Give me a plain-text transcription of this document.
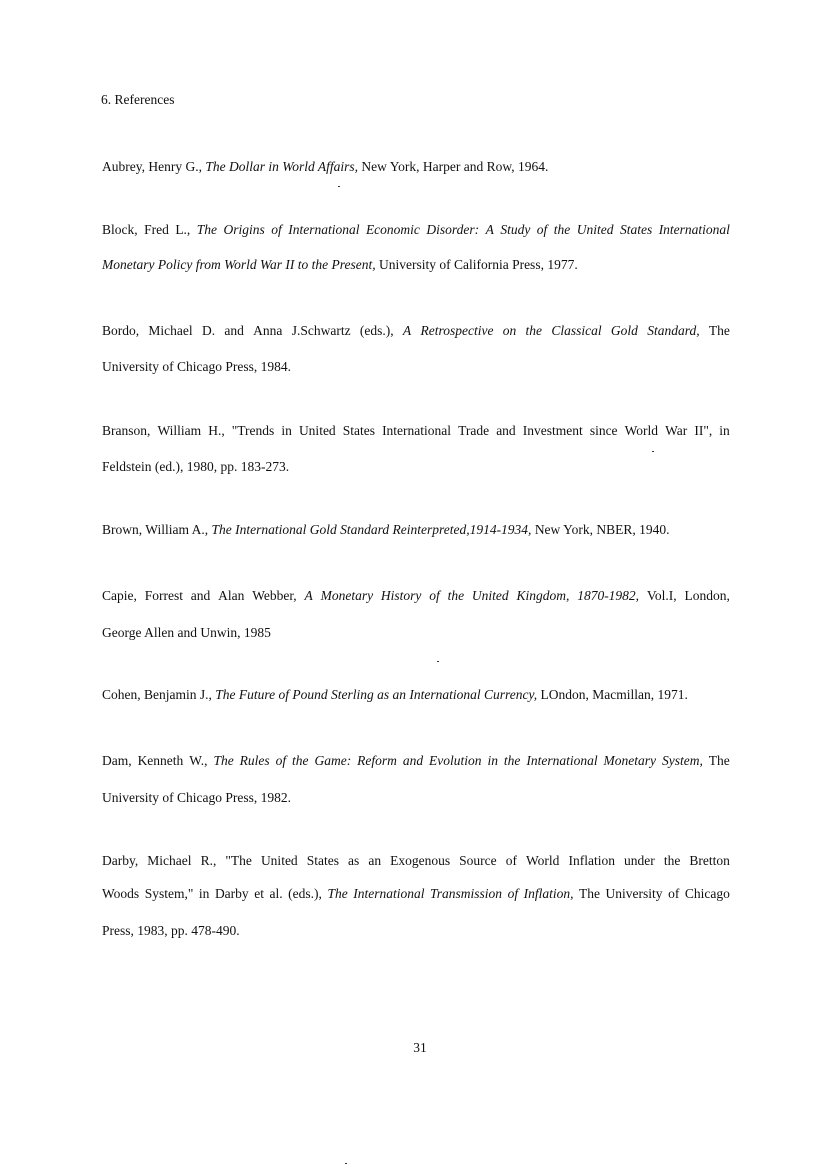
6. References
Aubrey, Henry G., The Dollar in World Affairs, New York, Harper and Row, 1964.
Block, Fred L., The Origins of International Economic Disorder: A Study of the United States International
Monetary Policy from World War II to the Present, University of California Press, 1977.
Bordo, Michael D. and Anna J.Schwartz (eds.), A Retrospective on the Classical Gold Standard, The
University of Chicago Press, 1984.
Branson, William H., "Trends in United States International Trade and Investment since World War II", in
Feldstein (ed.), 1980, pp. 183-273.
Brown, William A., The International Gold Standard Reinterpreted,1914-1934, New York, NBER, 1940.
Capie, Forrest and Alan Webber, A Monetary History of the United Kingdom, 1870-1982, Vol.I, London,
George Allen and Unwin, 1985
Cohen, Benjamin J., The Future of Pound Sterling as an International Currency, LOndon, Macmillan, 1971.
Dam, Kenneth W., The Rules of the Game: Reform and Evolution in the International Monetary System, The
University of Chicago Press, 1982.
Darby, Michael R., "The United States as an Exogenous Source of World Inflation under the Bretton
Woods System," in Darby et al. (eds.), The International Transmission of Inflation, The University of Chicago
Press, 1983, pp. 478-490.
31
